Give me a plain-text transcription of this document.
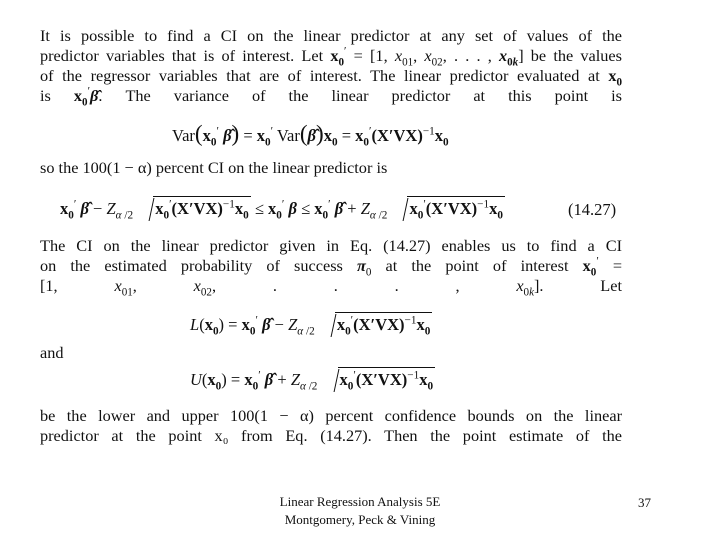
It is possible to find a CI on the linear predictor at any set of values of the
predictor variables that is of interest. Let $x_0' = [1$, $x_{01}$, $x_{02}$, . . . , $x_{0k}$] be the values
of the regressor variables that are of interest. The linear predictor evaluated at $x_0$
is $x_0'\betâ$. The variance of the linear predictor at this point is
$Var(x_0'$ β̂) = $x_0'$ $Var(\betâ)x_0 = x_0'(X'VX)^{-1}x_0$
so the 100(1 − α) percent CI on the linear predictor is
$x_0'$ β̂ − $Z_{\alpha /2}$ $x_0'(X'VX)^{-1}x_0 \le x_0'$ $\beta \le x_0'$ β̂ + $Z_{\alpha /2}$ $x_0'(X'VX)^{-1}x_0$	(14.27)
The CI on the linear predictor given in Eq. (14.27) enables us to find a CI
on the estimated probability of success $\pi_0$ at the point of interest $x_0'$ =
[1,	$x_{01}$, $x_{02}$, . . . , $x_{0k}$]. Let
$L(x_0) = x_0'$ β̂ − $Z_{\alpha /2}$ $x_0'(X'VX)^{-1}x_0$
and
$U(x_0) = x_0'$ β̂ + $Z_{\alpha /2}$ $x_0'(X'VX)^{-1}x_0$
be the lower and upper 100(1 − α) percent confidence bounds on the linear
predictor at the point x₀ from Eq. (14.27). Then the point estimate of the
Linear Regression Analysis 5E
Montgomery, Peck & Vining
37
